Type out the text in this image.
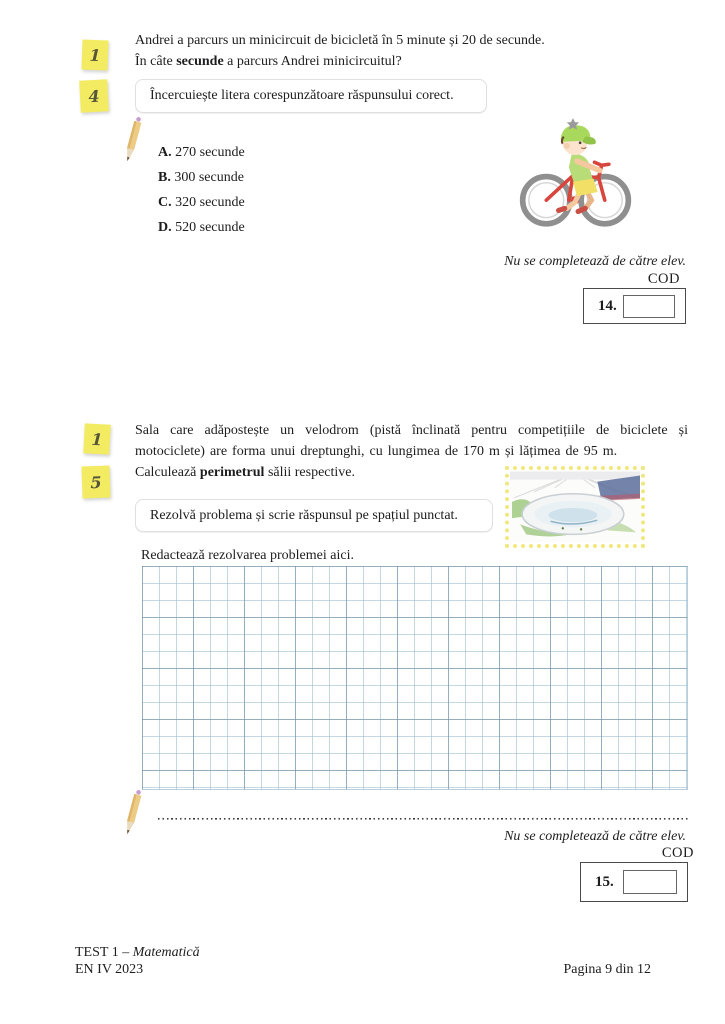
1
4
Andrei a parcurs un minicircuit de bicicletă în 5 minute și 20 de secunde.
În câte secunde a parcurs Andrei minicircuitul?
Încercuiește litera corespunzătoare răspunsului corect.
A. 270 secunde
B. 300 secunde
C. 320 secunde
D. 520 secunde
Nu se completează de către elev.
COD
14.
1
5
Sala care adăpostește un velodrom (pistă înclinată pentru competițiile de biciclete și
motociclete) are forma unui dreptunghi, cu lungimea de 170 m și lățimea de 95 m.
Calculează perimetrul sălii respective.
Rezolvă problema și scrie răspunsul pe spațiul punctat.
Redactează rezolvarea problemei aici.
Nu se completează de către elev.
COD
15.
TEST 1 – Matematică
EN IV 2023	Pagina 9 din 12
